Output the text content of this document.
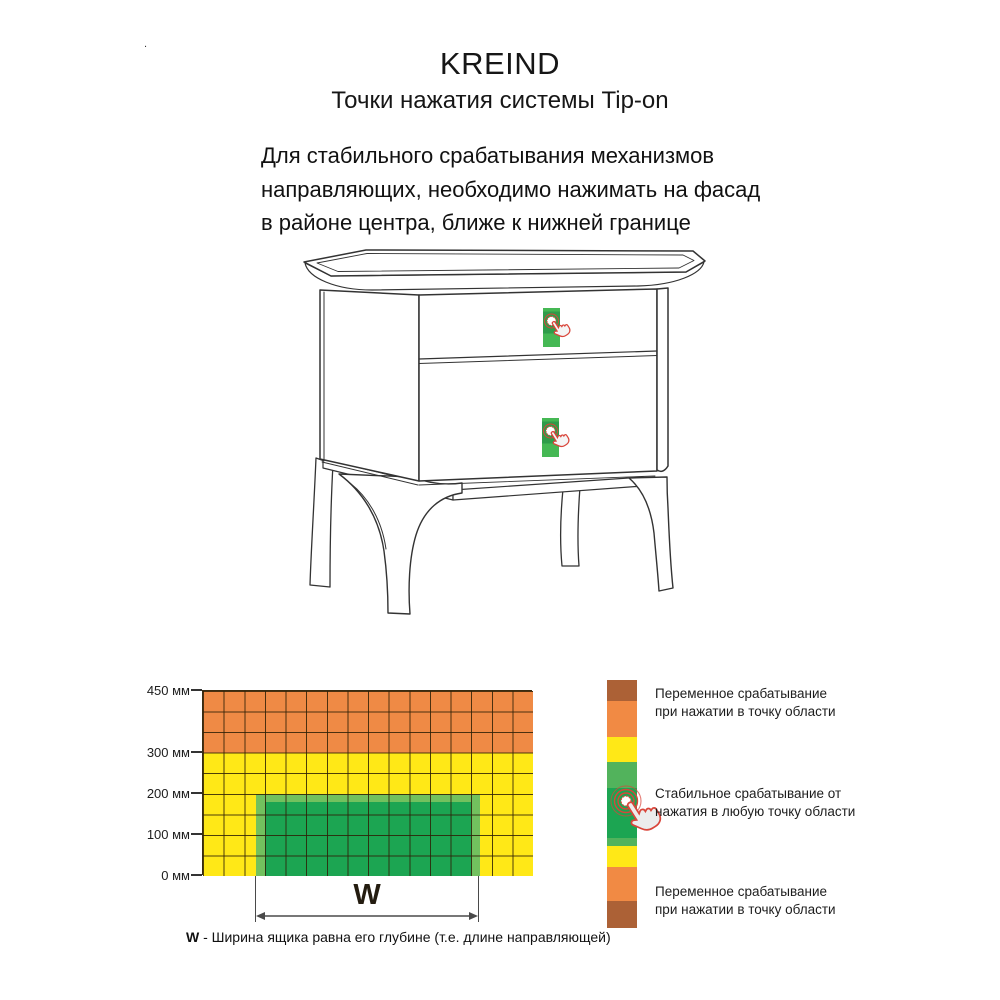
.
KREIND
Точки нажатия системы Tip-on
Для стабильного срабатывания механизмов
направляющих, необходимо нажимать на фасад
в районе центра, ближе к нижней границе
450 мм
300 мм
200 мм
100 мм
0 мм
W
W - Ширина ящика равна его глубине (т.е. длине направляющей)
Переменное срабатывание
при нажатии в точку области
Стабильное срабатывание от
нажатия в любую точку области
Переменное срабатывание
при нажатии в точку области
